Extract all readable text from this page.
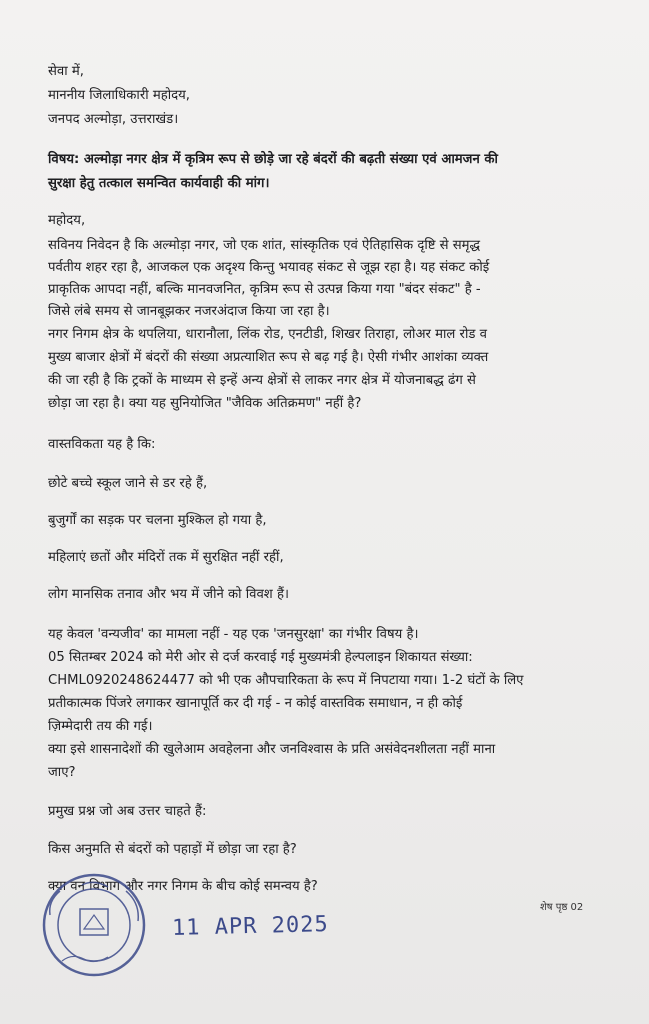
सेवा में,

माननीय जिलाधिकारी महोदय,

जनपद अल्मोड़ा, उत्तराखंड।

विषय: अल्मोड़ा नगर क्षेत्र में कृत्रिम रूप से छोड़े जा रहे बंदरों की बढ़ती संख्या एवं आमजन की

सुरक्षा हेतु तत्काल समन्वित कार्यवाही की मांग।

महोदय,

सविनय निवेदन है कि अल्मोड़ा नगर, जो एक शांत, सांस्कृतिक एवं ऐतिहासिक दृष्टि से समृद्ध

पर्वतीय शहर रहा है, आजकल एक अदृश्य किन्तु भयावह संकट से जूझ रहा है। यह संकट कोई

प्राकृतिक आपदा नहीं, बल्कि मानवजनित, कृत्रिम रूप से उत्पन्न किया गया "बंदर संकट" है -

जिसे लंबे समय से जानबूझकर नजरअंदाज किया जा रहा है।

नगर निगम क्षेत्र के थपलिया, धारानौला, लिंक रोड, एनटीडी, शिखर तिराहा, लोअर माल रोड व

मुख्य बाजार क्षेत्रों में बंदरों की संख्या अप्रत्याशित रूप से बढ़ गई है। ऐसी गंभीर आशंका व्यक्त

की जा रही है कि ट्रकों के माध्यम से इन्हें अन्य क्षेत्रों से लाकर नगर क्षेत्र में योजनाबद्ध ढंग से

छोड़ा जा रहा है। क्या यह सुनियोजित "जैविक अतिक्रमण" नहीं है?

वास्तविकता यह है कि:

छोटे बच्चे स्कूल जाने से डर रहे हैं,

बुजुर्गों का सड़क पर चलना मुश्किल हो गया है,

महिलाएं छतों और मंदिरों तक में सुरक्षित नहीं रहीं,

लोग मानसिक तनाव और भय में जीने को विवश हैं।

यह केवल 'वन्यजीव' का मामला नहीं - यह एक 'जनसुरक्षा' का गंभीर विषय है।

05 सितम्बर 2024 को मेरी ओर से दर्ज करवाई गई मुख्यमंत्री हेल्पलाइन शिकायत संख्या:

CHML0920248624477 को भी एक औपचारिकता के रूप में निपटाया गया। 1-2 घंटों के लिए

प्रतीकात्मक पिंजरे लगाकर खानापूर्ति कर दी गई - न कोई वास्तविक समाधान, न ही कोई

ज़िम्मेदारी तय की गई।

क्या इसे शासनादेशों की खुलेआम अवहेलना और जनविश्वास के प्रति असंवेदनशीलता नहीं माना

जाए?

प्रमुख प्रश्न जो अब उत्तर चाहते हैं:

किस अनुमति से बंदरों को पहाड़ों में छोड़ा जा रहा है?

क्या वन विभाग और नगर निगम के बीच कोई समन्वय है?

शेष पृष्ठ 02
11 APR 2025
